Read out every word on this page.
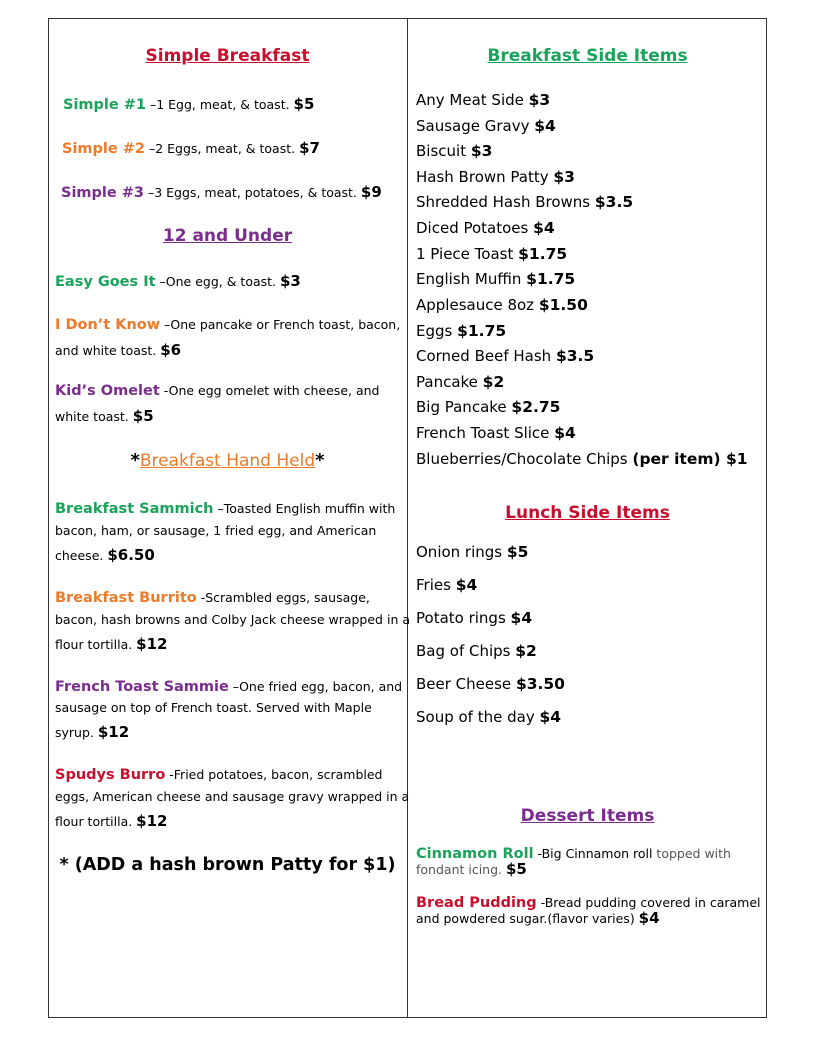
Simple Breakfast
Simple #1 –1 Egg, meat, & toast. $5
Simple #2 –2 Eggs, meat, & toast. $7
Simple #3 –3 Eggs, meat, potatoes, & toast. $9
12 and Under
Easy Goes It –One egg, & toast. $3
I Don’t Know –One pancake or French toast, bacon,
and white toast. $6
Kid’s Omelet -One egg omelet with cheese, and
white toast. $5
*Breakfast Hand Held*
Breakfast Sammich –Toasted English muffin with
bacon, ham, or sausage, 1 fried egg, and American
cheese. $6.50
Breakfast Burrito -Scrambled eggs, sausage,
bacon, hash browns and Colby Jack cheese wrapped in a
flour tortilla. $12
French Toast Sammie –One fried egg, bacon, and
sausage on top of French toast. Served with Maple
syrup. $12
Spudys Burro -Fried potatoes, bacon, scrambled
eggs, American cheese and sausage gravy wrapped in a
flour tortilla. $12
* (ADD a hash brown Patty for $1)
Breakfast Side Items
Any Meat Side $3
Sausage Gravy $4
Biscuit $3
Hash Brown Patty $3
Shredded Hash Browns $3.5
Diced Potatoes $4
1 Piece Toast $1.75
English Muffin $1.75
Applesauce 8oz $1.50
Eggs $1.75
Corned Beef Hash $3.5
Pancake $2
Big Pancake $2.75
French Toast Slice $4
Blueberries/Chocolate Chips (per item) $1
Lunch Side Items
Onion rings $5
Fries $4
Potato rings $4
Bag of Chips $2
Beer Cheese $3.50
Soup of the day $4
Dessert Items
Cinnamon Roll -Big Cinnamon roll topped with
fondant icing. $5
Bread Pudding -Bread pudding covered in caramel
and powdered sugar.(flavor varies) $4
